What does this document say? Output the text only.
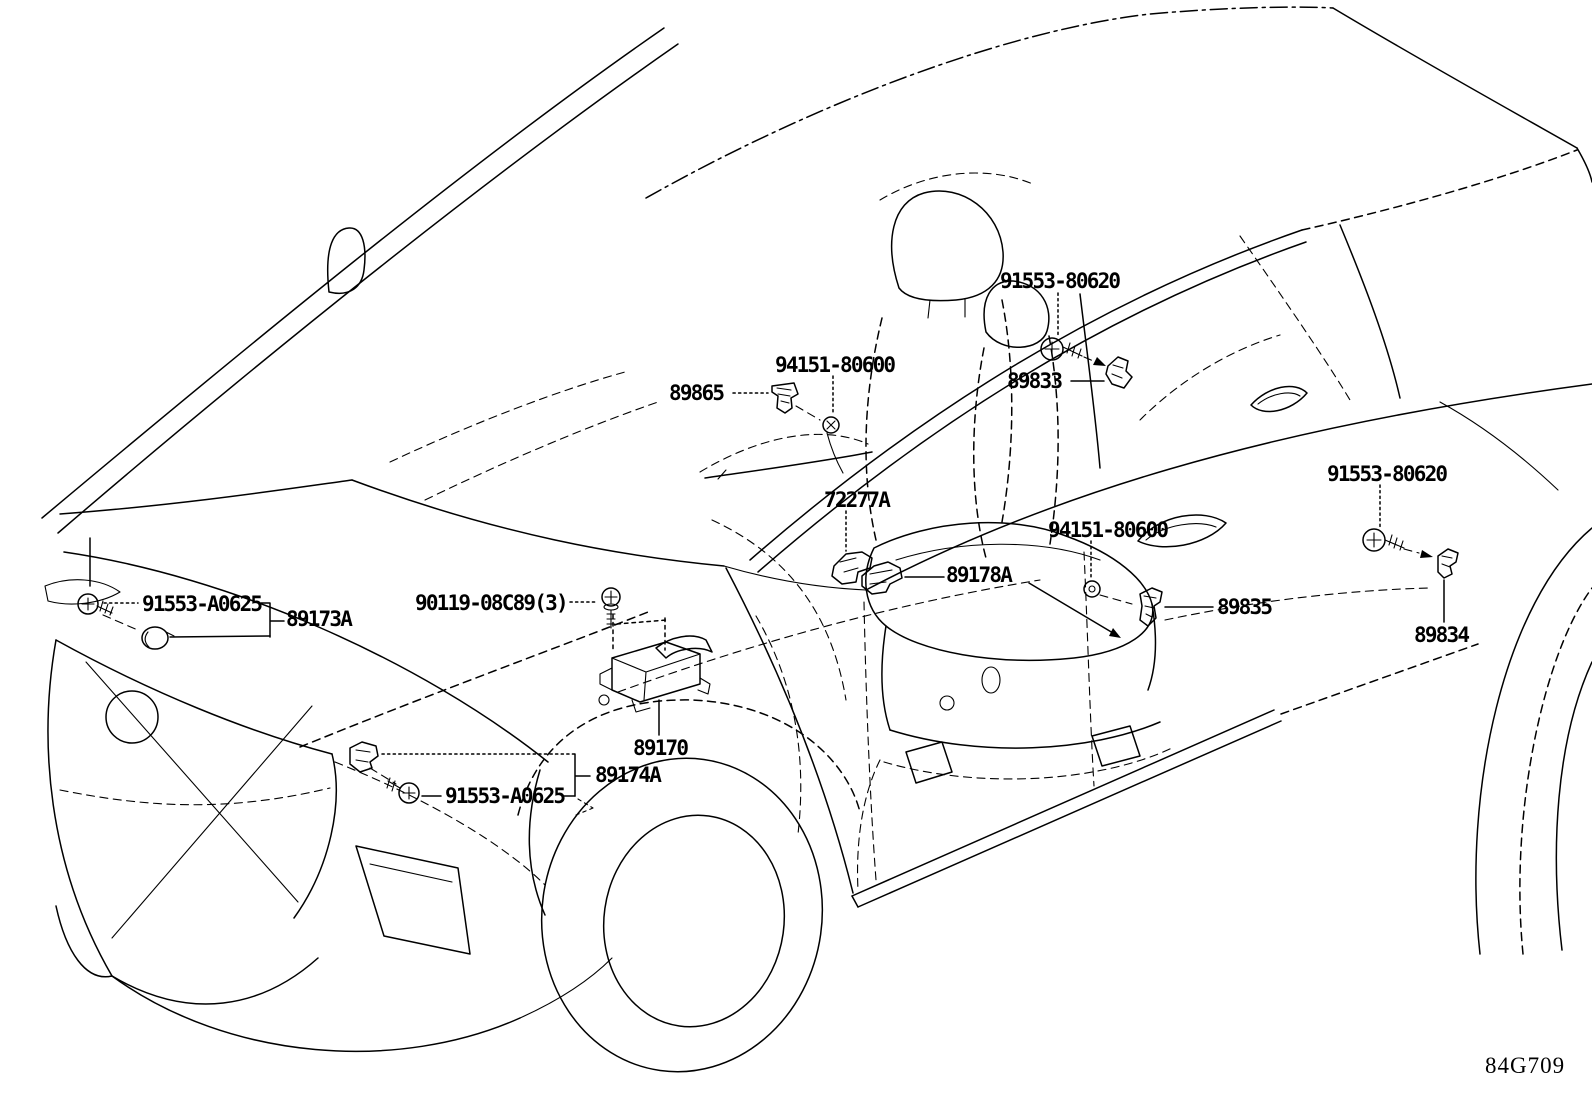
91553-80620
94151-80600
89865	89833
91553-80620
72277A
94151-80600
89178A
91553-A0625
89173A
90119-08C89(3)	89835
89834
89170
89174A
91553-A0625
84G709
